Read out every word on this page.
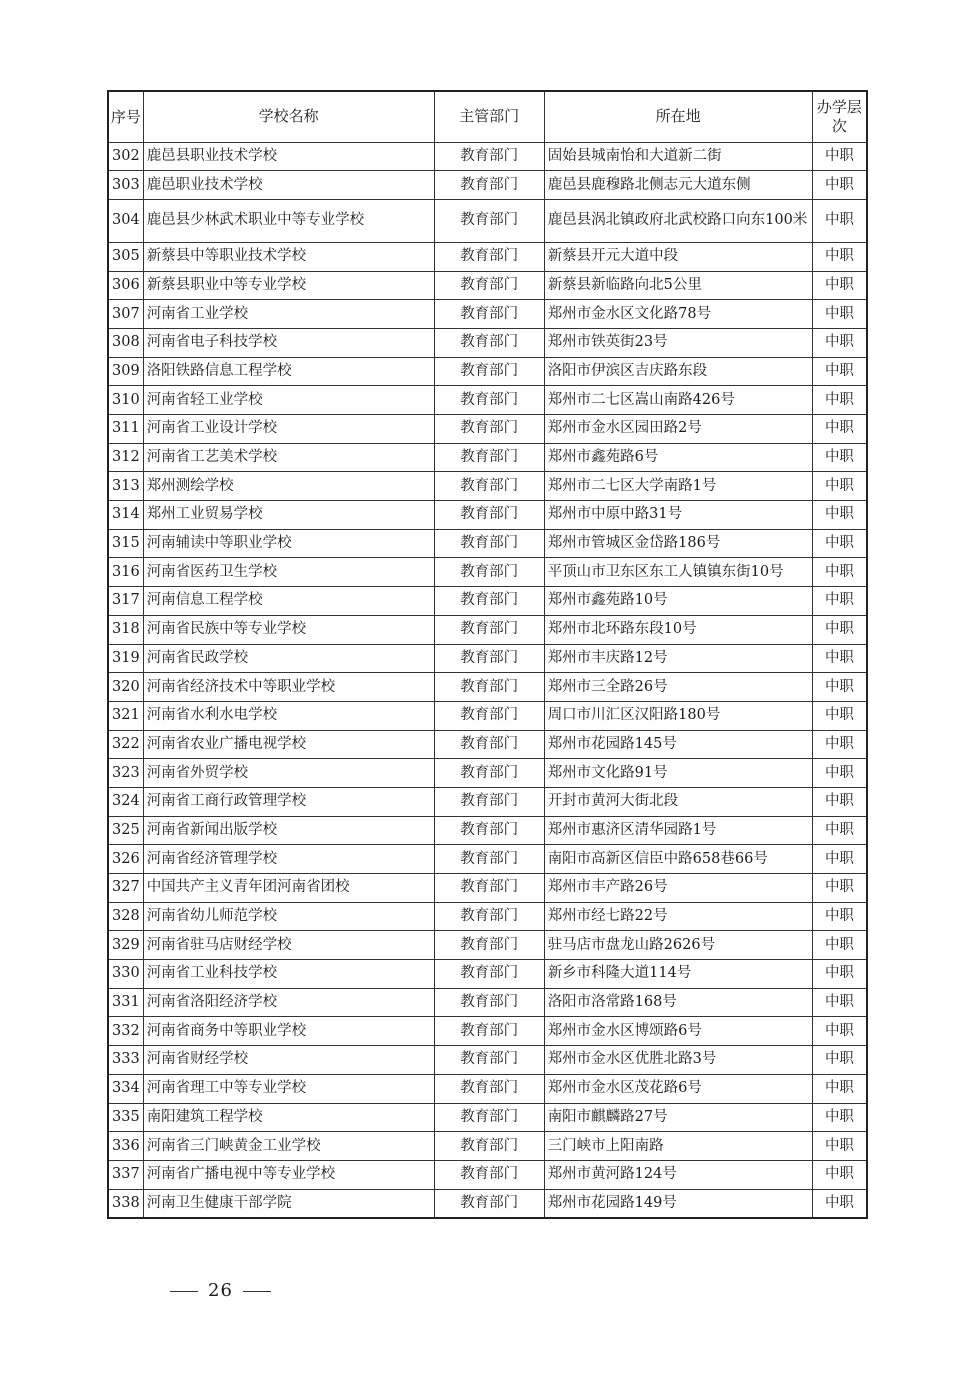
序号	学校名称	主管部门	所在地	办学层次
302	鹿邑县职业技术学校	教育部门	固始县城南怡和大道新二街	中职
303	鹿邑职业技术学校	教育部门	鹿邑县鹿穆路北侧志元大道东侧	中职
304	鹿邑县少林武术职业中等专业学校	教育部门	鹿邑县涡北镇政府北武校路口向东100米	中职
305	新蔡县中等职业技术学校	教育部门	新蔡县开元大道中段	中职
306	新蔡县职业中等专业学校	教育部门	新蔡县新临路向北5公里	中职
307	河南省工业学校	教育部门	郑州市金水区文化路78号	中职
308	河南省电子科技学校	教育部门	郑州市铁英街23号	中职
309	洛阳铁路信息工程学校	教育部门	洛阳市伊滨区吉庆路东段	中职
310	河南省轻工业学校	教育部门	郑州市二七区嵩山南路426号	中职
311	河南省工业设计学校	教育部门	郑州市金水区园田路2号	中职
312	河南省工艺美术学校	教育部门	郑州市鑫苑路6号	中职
313	郑州测绘学校	教育部门	郑州市二七区大学南路1号	中职
314	郑州工业贸易学校	教育部门	郑州市中原中路31号	中职
315	河南辅读中等职业学校	教育部门	郑州市管城区金岱路186号	中职
316	河南省医药卫生学校	教育部门	平顶山市卫东区东工人镇镇东街10号	中职
317	河南信息工程学校	教育部门	郑州市鑫苑路10号	中职
318	河南省民族中等专业学校	教育部门	郑州市北环路东段10号	中职
319	河南省民政学校	教育部门	郑州市丰庆路12号	中职
320	河南省经济技术中等职业学校	教育部门	郑州市三全路26号	中职
321	河南省水利水电学校	教育部门	周口市川汇区汉阳路180号	中职
322	河南省农业广播电视学校	教育部门	郑州市花园路145号	中职
323	河南省外贸学校	教育部门	郑州市文化路91号	中职
324	河南省工商行政管理学校	教育部门	开封市黄河大街北段	中职
325	河南省新闻出版学校	教育部门	郑州市惠济区清华园路1号	中职
326	河南省经济管理学校	教育部门	南阳市高新区信臣中路658巷66号	中职
327	中国共产主义青年团河南省团校	教育部门	郑州市丰产路26号	中职
328	河南省幼儿师范学校	教育部门	郑州市经七路22号	中职
329	河南省驻马店财经学校	教育部门	驻马店市盘龙山路2626号	中职
330	河南省工业科技学校	教育部门	新乡市科隆大道114号	中职
331	河南省洛阳经济学校	教育部门	洛阳市洛常路168号	中职
332	河南省商务中等职业学校	教育部门	郑州市金水区博颂路6号	中职
333	河南省财经学校	教育部门	郑州市金水区优胜北路3号	中职
334	河南省理工中等专业学校	教育部门	郑州市金水区茂花路6号	中职
335	南阳建筑工程学校	教育部门	南阳市麒麟路27号	中职
336	河南省三门峡黄金工业学校	教育部门	三门峡市上阳南路	中职
337	河南省广播电视中等专业学校	教育部门	郑州市黄河路124号	中职
338	河南卫生健康干部学院	教育部门	郑州市花园路149号	中职
26
